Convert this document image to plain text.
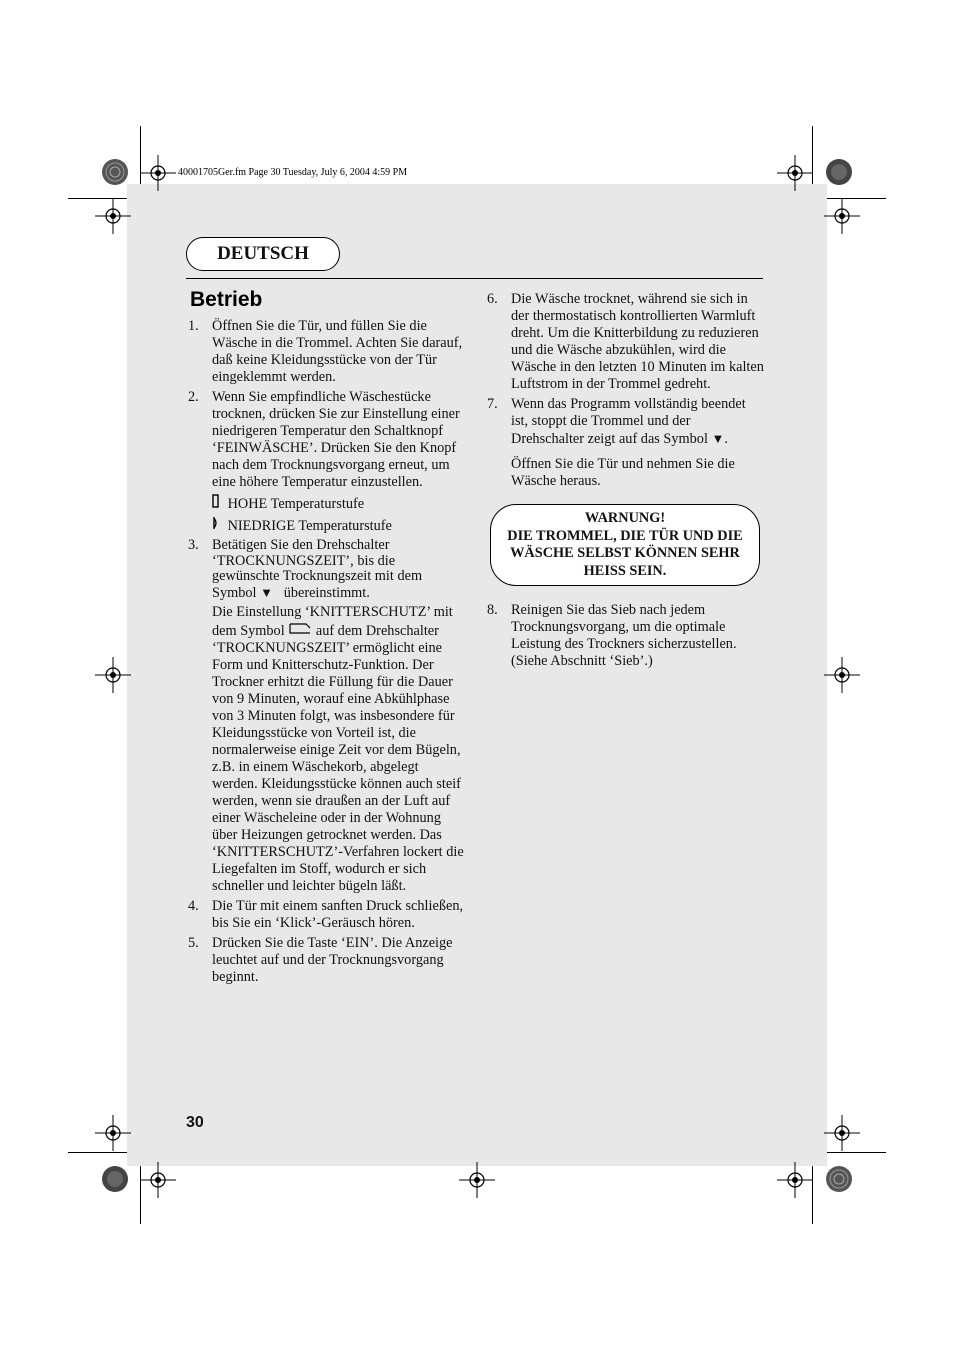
40001705Ger.fm Page 30 Tuesday, July 6, 2004 4:59 PM
DEUTSCH
Betrieb
1. Öffnen Sie die Tür, und füllen Sie die Wäsche in die Trommel. Achten Sie darauf, daß keine Kleidungsstücke von der Tür eingeklemmt werden.
2. Wenn Sie empfindliche Wäschestücke trocknen, drücken Sie zur Einstellung einer niedrigeren Temperatur den Schaltknopf ‘FEINWÄSCHE’. Drücken Sie den Knopf nach dem Trocknungsvorgang erneut, um eine höhere Temperatur einzustellen.
HOHE Temperaturstufe
NIEDRIGE Temperaturstufe
3. Betätigen Sie den Drehschalter ‘TROCKNUNGSZEIT’, bis die gewünschte Trocknungszeit mit dem Symbol ▼ übereinstimmt.
Die Einstellung ‘KNITTERSCHUTZ’ mit dem Symbol auf dem Drehschalter ‘TROCKNUNGSZEIT’ ermöglicht eine Form und Knitterschutz-Funktion. Der Trockner erhitzt die Füllung für die Dauer von 9 Minuten, worauf eine Abkühlphase von 3 Minuten folgt, was insbesondere für Kleidungsstücke von Vorteil ist, die normalerweise einige Zeit vor dem Bügeln, z.B. in einem Wäschekorb, abgelegt werden. Kleidungsstücke können auch steif werden, wenn sie draußen an der Luft auf einer Wäscheleine oder in der Wohnung über Heizungen getrocknet werden. Das ‘KNITTERSCHUTZ’-Verfahren lockert die Liegefalten im Stoff, wodurch er sich schneller und leichter bügeln läßt.
4. Die Tür mit einem sanften Druck schließen, bis Sie ein ‘Klick’-Geräusch hören.
5. Drücken Sie die Taste ‘EIN’. Die Anzeige leuchtet auf und der Trocknungsvorgang beginnt.
6. Die Wäsche trocknet, während sie sich in der thermostatisch kontrollierten Warmluft dreht. Um die Knitterbildung zu reduzieren und die Wäsche abzukühlen, wird die Wäsche in den letzten 10 Minuten im kalten Luftstrom in der Trommel gedreht.
7. Wenn das Programm vollständig beendet ist, stoppt die Trommel und der Drehschalter zeigt auf das Symbol ▼.
Öffnen Sie die Tür und nehmen Sie die Wäsche heraus.
WARNUNG!
DIE TROMMEL, DIE TÜR UND DIE WÄSCHE SELBST KÖNNEN SEHR HEISS SEIN.
8. Reinigen Sie das Sieb nach jedem Trocknungsvorgang, um die optimale Leistung des Trockners sicherzustellen. (Siehe Abschnitt ‘Sieb’.)
30
